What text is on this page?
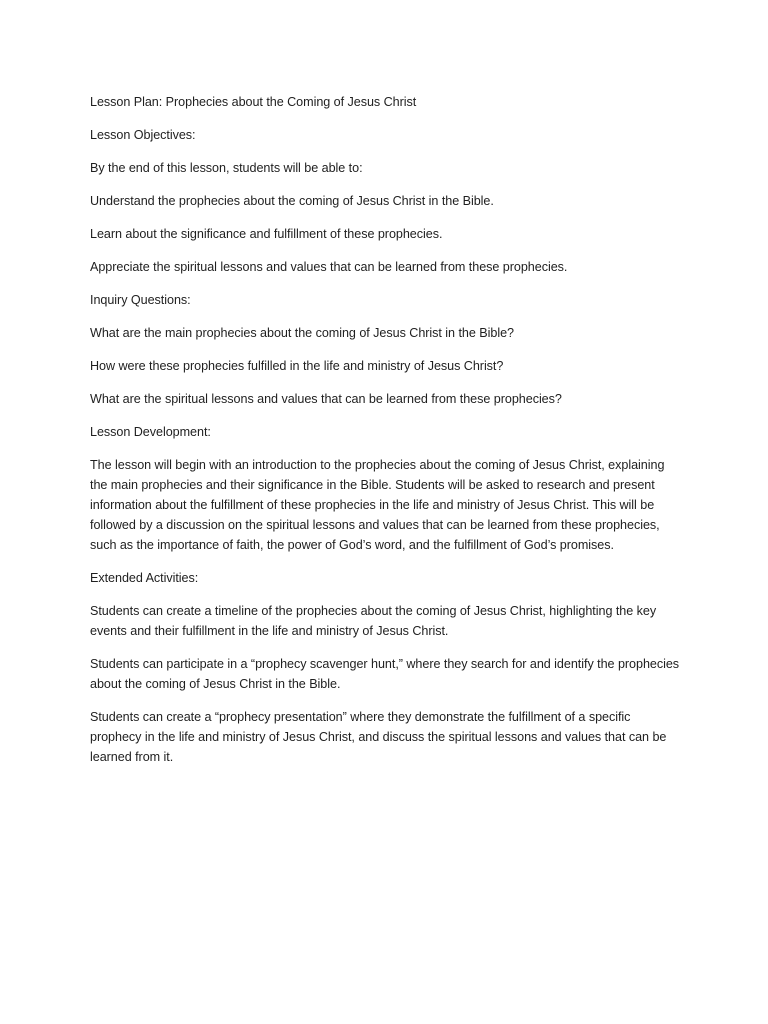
Lesson Plan: Prophecies about the Coming of Jesus Christ

Lesson Objectives:

By the end of this lesson, students will be able to:

Understand the prophecies about the coming of Jesus Christ in the Bible.

Learn about the significance and fulfillment of these prophecies.

Appreciate the spiritual lessons and values that can be learned from these prophecies.

Inquiry Questions:

What are the main prophecies about the coming of Jesus Christ in the Bible?

How were these prophecies fulfilled in the life and ministry of Jesus Christ?

What are the spiritual lessons and values that can be learned from these prophecies?

Lesson Development:

The lesson will begin with an introduction to the prophecies about the coming of Jesus Christ, explaining the main prophecies and their significance in the Bible. Students will be asked to research and present information about the fulfillment of these prophecies in the life and ministry of Jesus Christ. This will be followed by a discussion on the spiritual lessons and values that can be learned from these prophecies, such as the importance of faith, the power of God’s word, and the fulfillment of God’s promises.

Extended Activities:

Students can create a timeline of the prophecies about the coming of Jesus Christ, highlighting the key events and their fulfillment in the life and ministry of Jesus Christ.

Students can participate in a “prophecy scavenger hunt,” where they search for and identify the prophecies about the coming of Jesus Christ in the Bible.

Students can create a “prophecy presentation” where they demonstrate the fulfillment of a specific prophecy in the life and ministry of Jesus Christ, and discuss the spiritual lessons and values that can be learned from it.
